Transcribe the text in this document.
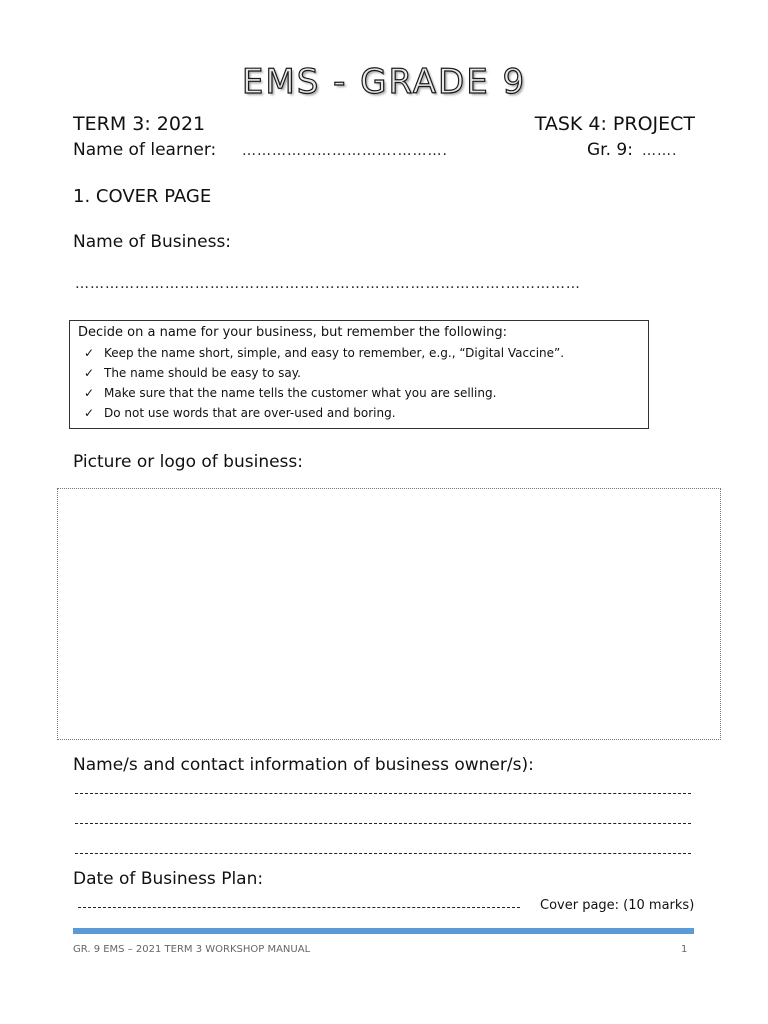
EMS - GRADE 9
TERM 3: 2021	TASK 4: PROJECT
Name of learner: ………………………….……….	Gr. 9: …….
1. COVER PAGE
Name of Business:
………………………………………….……………………………….……………
Decide on a name for your business, but remember the following:
✓ Keep the name short, simple, and easy to remember, e.g., “Digital Vaccine”.
✓ The name should be easy to say.
✓ Make sure that the name tells the customer what you are selling.
✓ Do not use words that are over-used and boring.
Picture or logo of business:
Name/s and contact information of business owner/s):
Date of Business Plan:
Cover page: (10 marks)
GR. 9 EMS – 2021 TERM 3 WORKSHOP MANUAL	1
